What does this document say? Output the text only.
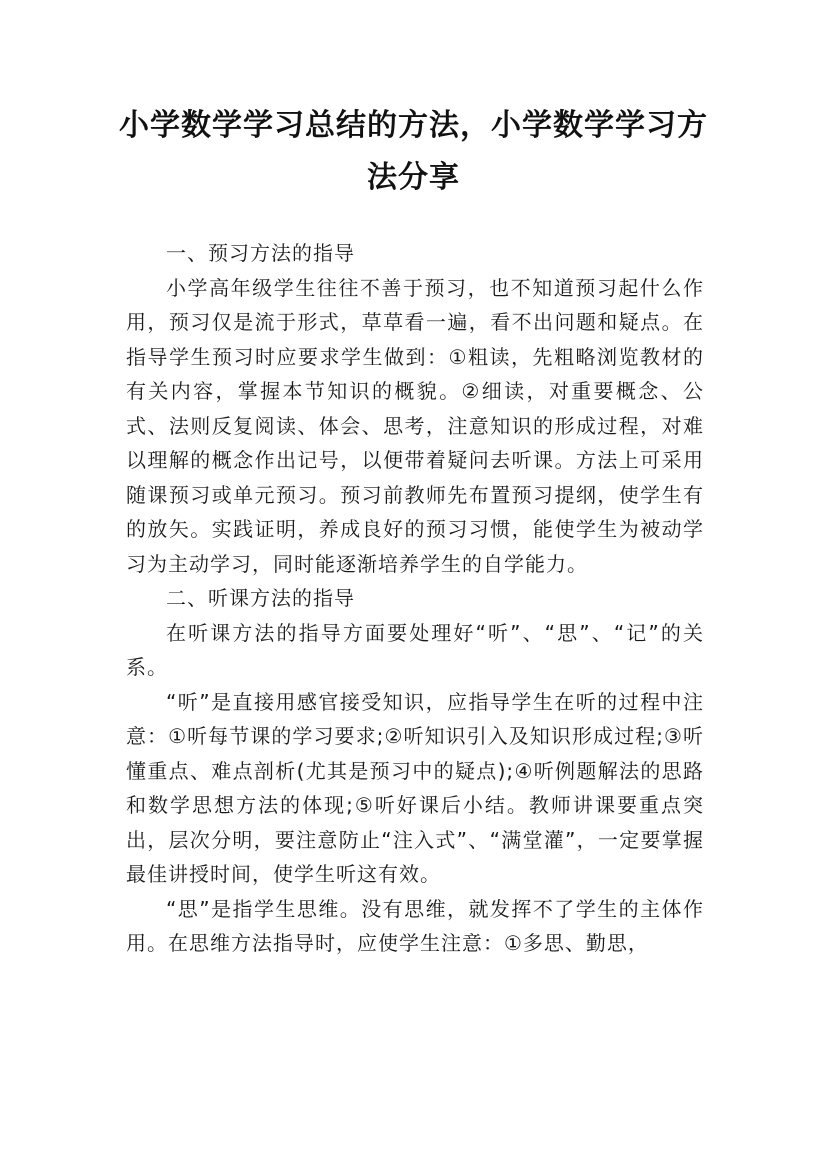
小学数学学习总结的方法，小学数学学习方法分享

一、预习方法的指导

小学高年级学生往往不善于预习，也不知道预习起什么作用，预习仅是流于形式，草草看一遍，看不出问题和疑点。在指导学生预习时应要求学生做到：①粗读，先粗略浏览教材的有关内容，掌握本节知识的概貌。②细读，对重要概念、公式、法则反复阅读、体会、思考，注意知识的形成过程，对难以理解的概念作出记号，以便带着疑问去听课。方法上可采用随课预习或单元预习。预习前教师先布置预习提纲，使学生有的放矢。实践证明，养成良好的预习习惯，能使学生为被动学习为主动学习，同时能逐渐培养学生的自学能力。

二、听课方法的指导

在听课方法的指导方面要处理好“听”、“思”、“记”的关系。

“听”是直接用感官接受知识，应指导学生在听的过程中注意：①听每节课的学习要求;②听知识引入及知识形成过程;③听懂重点、难点剖析(尤其是预习中的疑点);④听例题解法的思路和数学思想方法的体现;⑤听好课后小结。教师讲课要重点突出，层次分明，要注意防止“注入式”、“满堂灌”，一定要掌握最佳讲授时间，使学生听这有效。

“思”是指学生思维。没有思维，就发挥不了学生的主体作用。在思维方法指导时，应使学生注意：①多思、勤思，
